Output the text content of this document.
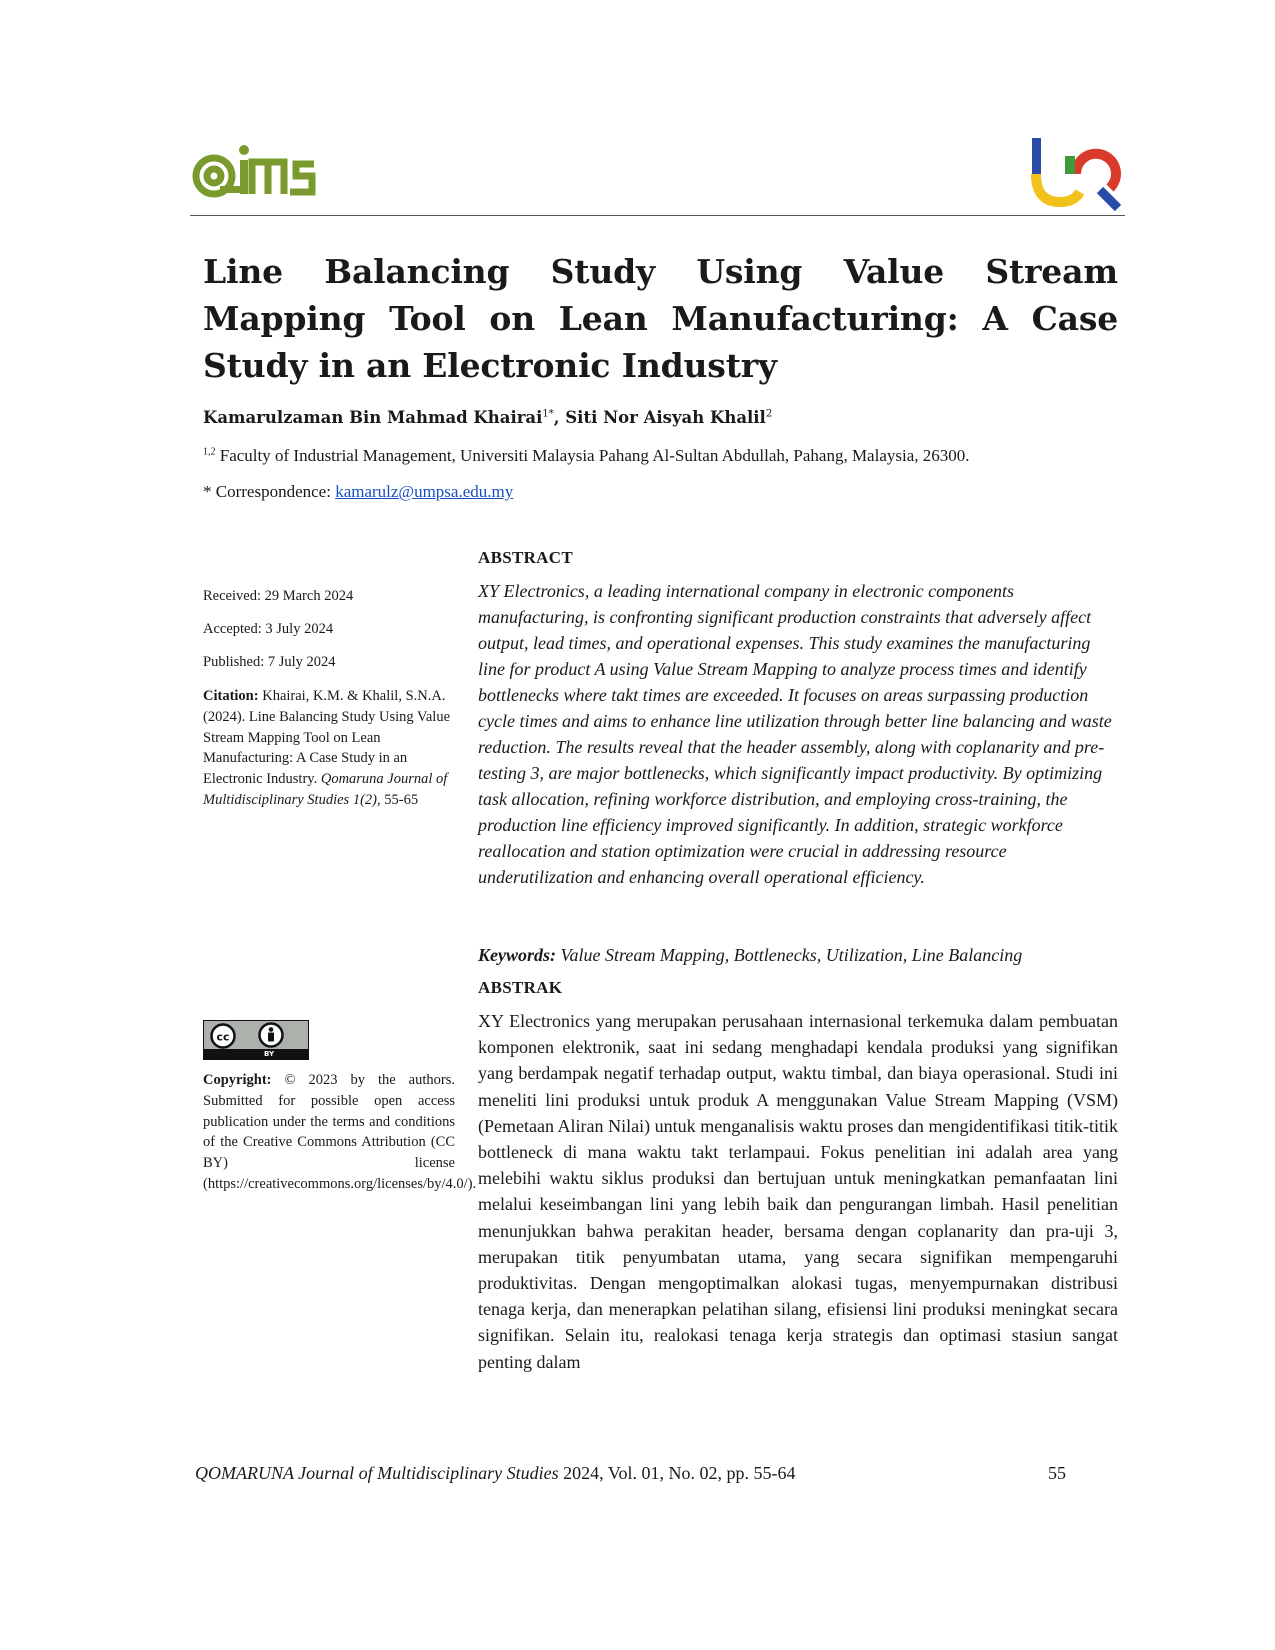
Line Balancing Study Using Value Stream Mapping Tool on Lean Manufacturing: A Case Study in an Electronic Industry
Kamarulzaman Bin Mahmad Khairai$^{1*}$, Siti Nor Aisyah Khalil$^2$
$^{1,2}$ Faculty of Industrial Management, Universiti Malaysia Pahang Al-Sultan Abdullah, Pahang, Malaysia, 26300.
* Correspondence: kamarulz@umpsa.edu.my
ABSTRACT

XY Electronics, a leading international company in electronic components manufacturing, is confronting significant production constraints that adversely affect output, lead times, and operational expenses. This study examines the manufacturing line for product A using Value Stream Mapping to analyze process times and identify bottlenecks where takt times are exceeded. It focuses on areas surpassing production cycle times and aims to enhance line utilization through better line balancing and waste reduction. The results reveal that the header assembly, along with coplanarity and pre-testing 3, are major bottlenecks, which significantly impact productivity. By optimizing task allocation, refining workforce distribution, and employing cross-training, the production line efficiency improved significantly. In addition, strategic workforce reallocation and station optimization were crucial in addressing resource underutilization and enhancing overall operational efficiency.

Keywords: Value Stream Mapping, Bottlenecks, Utilization, Line Balancing
ABSTRAK

XY Electronics yang merupakan perusahaan internasional terkemuka dalam pembuatan komponen elektronik, saat ini sedang menghadapi kendala produksi yang signifikan yang berdampak negatif terhadap output, waktu timbal, dan biaya operasional. Studi ini meneliti lini produksi untuk produk A menggunakan Value Stream Mapping (VSM) (Pemetaan Aliran Nilai) untuk menganalisis waktu proses dan mengidentifikasi titik-titik bottleneck di mana waktu takt terlampaui. Fokus penelitian ini adalah area yang melebihi waktu siklus produksi dan bertujuan untuk meningkatkan pemanfaatan lini melalui keseimbangan lini yang lebih baik dan pengurangan limbah. Hasil penelitian menunjukkan bahwa perakitan header, bersama dengan coplanarity dan pra-uji 3, merupakan titik penyumbatan utama, yang secara signifikan mempengaruhi produktivitas. Dengan mengoptimalkan alokasi tugas, menyempurnakan distribusi tenaga kerja, dan menerapkan pelatihan silang, efisiensi lini produksi meningkat secara signifikan. Selain itu, realokasi tenaga kerja strategis dan optimasi stasiun sangat penting dalam

Received: 29 March 2024
Accepted: 3 July 2024
Published: 7 July 2024
Citation: Khairai, K.M. & Khalil, S.N.A. (2024). Line Balancing Study Using Value Stream Mapping Tool on Lean Manufacturing: A Case Study in an Electronic Industry. Qomaruna Journal of Multidisciplinary Studies 1(2), 55-65
cc
BY
Copyright: © 2023 by the authors. Submitted for possible open access publication under the terms and conditions of the Creative Commons Attribution (CC BY) license (https://creativecommons.org/licenses/by/4.0/).
QOMARUNA Journal of Multidisciplinary Studies 2024, Vol. 01, No. 02, pp. 55-64	55
